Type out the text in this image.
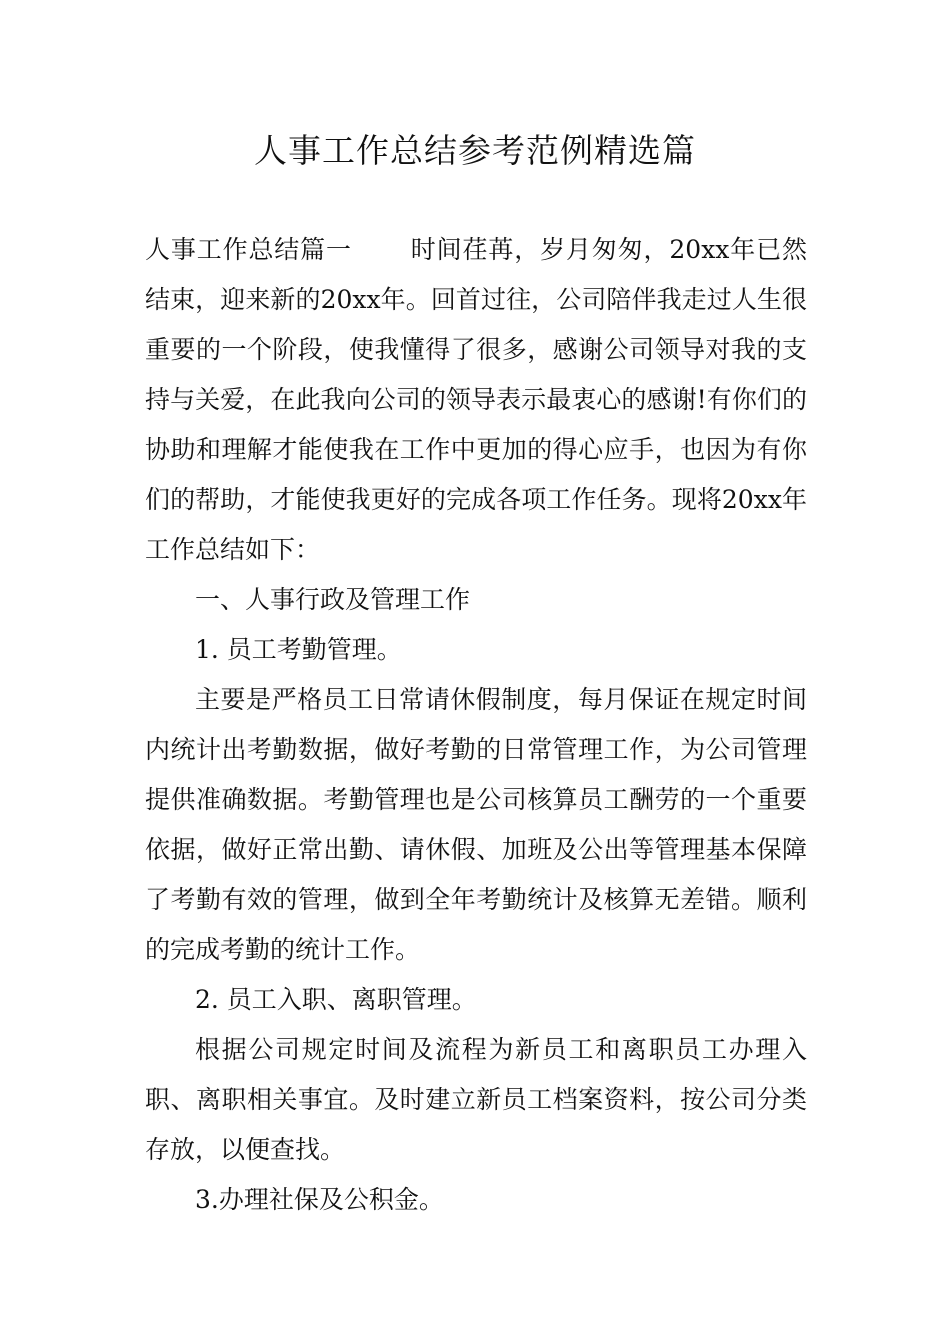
人事工作总结参考范例精选篇

人事工作总结篇一 时间荏苒，岁月匆匆，20xx年已然结束，迎来新的20xx年。回首过往，公司陪伴我走过人生很重要的一个阶段，使我懂得了很多，感谢公司领导对我的支持与关爱，在此我向公司的领导表示最衷心的感谢!有你们的协助和理解才能使我在工作中更加的得心应手，也因为有你们的帮助，才能使我更好的完成各项工作任务。现将20xx年工作总结如下：

一、人事行政及管理工作

1. 员工考勤管理。

主要是严格员工日常请休假制度，每月保证在规定时间内统计出考勤数据，做好考勤的日常管理工作，为公司管理提供准确数据。考勤管理也是公司核算员工酬劳的一个重要依据，做好正常出勤、请休假、加班及公出等管理基本保障了考勤有效的管理，做到全年考勤统计及核算无差错。顺利的完成考勤的统计工作。

2. 员工入职、离职管理。

根据公司规定时间及流程为新员工和离职员工办理入职、离职相关事宜。及时建立新员工档案资料，按公司分类存放，以便查找。

3.办理社保及公积金。
